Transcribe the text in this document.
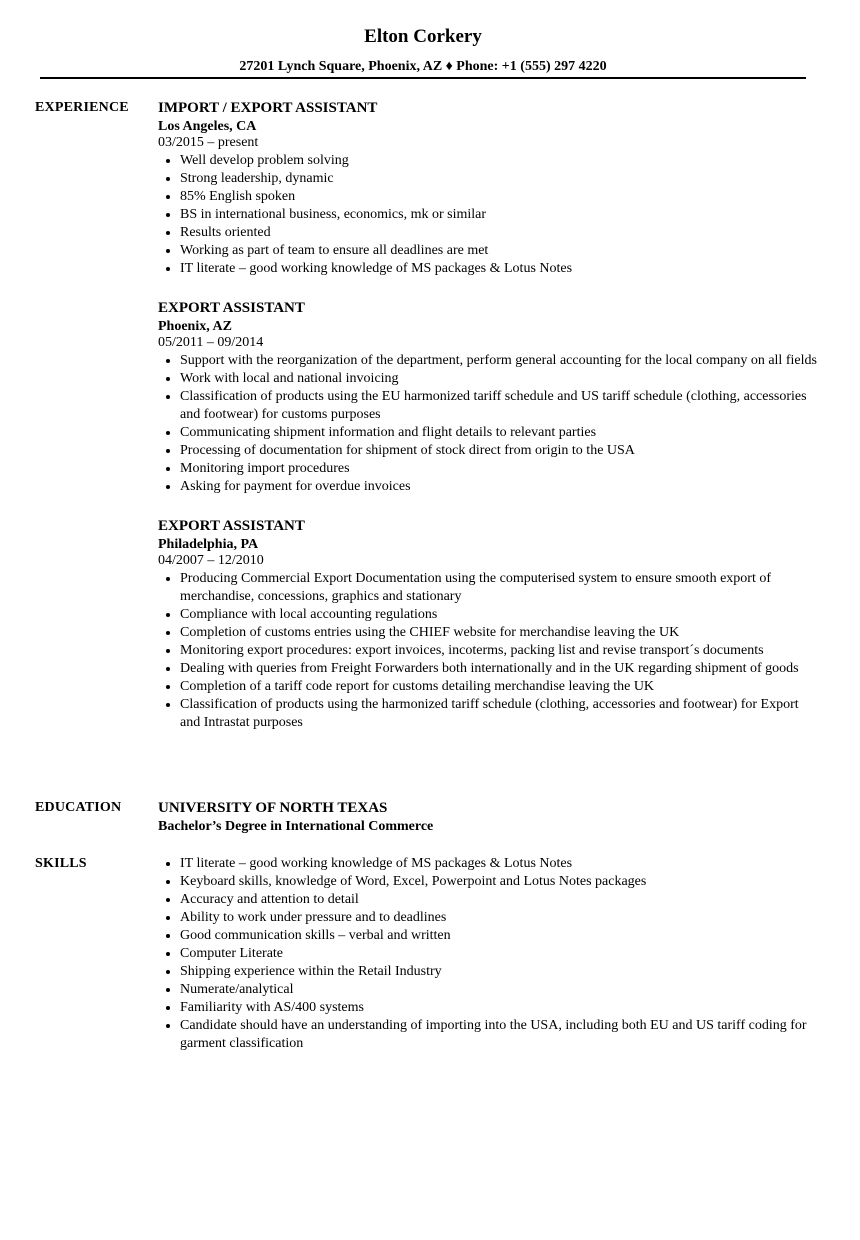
Elton Corkery
27201 Lynch Square, Phoenix, AZ ♦ Phone: +1 (555) 297 4220
EXPERIENCE IMPORT / EXPORT ASSISTANT
Los Angeles, CA
03/2015 – present
Well develop problem solving
Strong leadership, dynamic
85% English spoken
BS in international business, economics, mk or similar
Results oriented
Working as part of team to ensure all deadlines are met
IT literate – good working knowledge of MS packages & Lotus Notes
EXPORT ASSISTANT
Phoenix, AZ
05/2011 – 09/2014
Support with the reorganization of the department, perform general accounting for the local company on all fields
Work with local and national invoicing
Classification of products using the EU harmonized tariff schedule and US tariff schedule (clothing, accessories and footwear) for customs purposes
Communicating shipment information and flight details to relevant parties
Processing of documentation for shipment of stock direct from origin to the USA
Monitoring import procedures
Asking for payment for overdue invoices
EXPORT ASSISTANT
Philadelphia, PA
04/2007 – 12/2010
Producing Commercial Export Documentation using the computerised system to ensure smooth export of merchandise, concessions, graphics and stationary
Compliance with local accounting regulations
Completion of customs entries using the CHIEF website for merchandise leaving the UK
Monitoring export procedures: export invoices, incoterms, packing list and revise transport´s documents
Dealing with queries from Freight Forwarders both internationally and in the UK regarding shipment of goods
Completion of a tariff code report for customs detailing merchandise leaving the UK
Classification of products using the harmonized tariff schedule (clothing, accessories and footwear) for Export and Intrastat purposes
EDUCATION UNIVERSITY OF NORTH TEXAS
Bachelor’s Degree in International Commerce
SKILLS	IT literate – good working knowledge of MS packages & Lotus Notes
Keyboard skills, knowledge of Word, Excel, Powerpoint and Lotus Notes packages
Accuracy and attention to detail
Ability to work under pressure and to deadlines
Good communication skills – verbal and written
Computer Literate
Shipping experience within the Retail Industry
Numerate/analytical
Familiarity with AS/400 systems
Candidate should have an understanding of importing into the USA, including both EU and US tariff coding for garment classification
